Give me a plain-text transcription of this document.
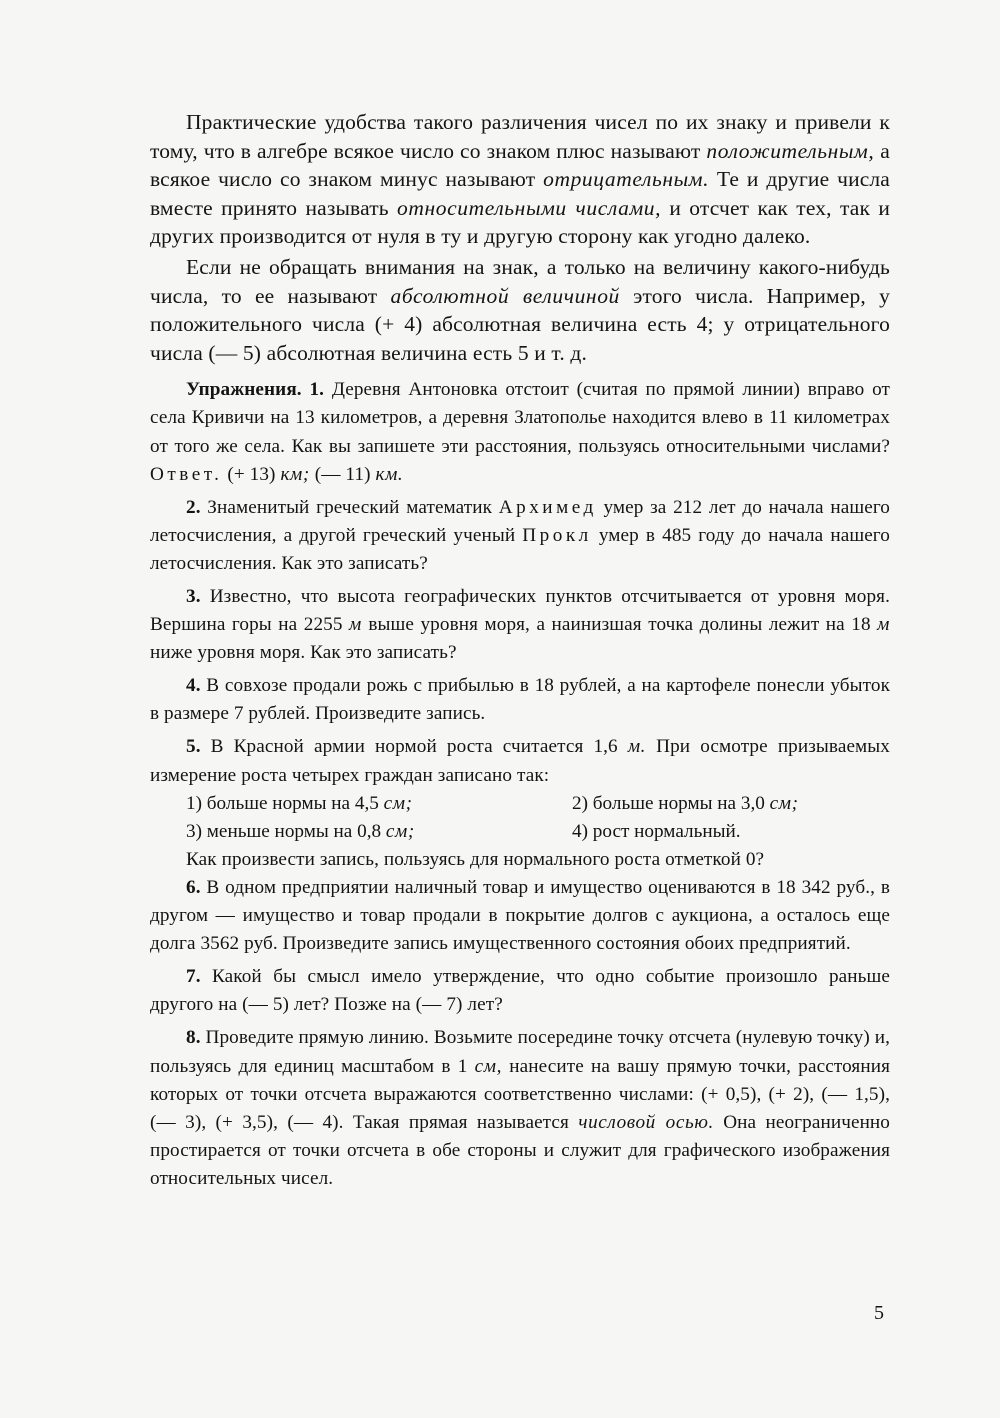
Практические удобства такого различения чисел по их знаку и привели к тому, что в алгебре всякое число со знаком плюс называют положительным, а всякое число со знаком минус называют отрицательным. Те и другие числа вместе принято называть относительными числами, и отсчет как тех, так и других производится от нуля в ту и другую сторону как угодно далеко.

Если не обращать внимания на знак, а только на величину какого-нибудь числа, то ее называют абсолютной величиной этого числа. Например, у положительного числа (+ 4) абсолютная величина есть 4; у отрицательного числа (— 5) абсолютная величина есть 5 и т. д.

Упражнения. 1. Деревня Антоновка отстоит (считая по прямой линии) вправо от села Кривичи на 13 километров, а деревня Златополье находится влево в 11 километрах от того же села. Как вы запишете эти расстояния, пользуясь относительными числами? Ответ. (+ 13) км; (— 11) км.

2. Знаменитый греческий математик Архимед умер за 212 лет до начала нашего летосчисления, а другой греческий ученый Прокл умер в 485 году до начала нашего летосчисления. Как это записать?

3. Известно, что высота географических пунктов отсчитывается от уровня моря. Вершина горы на 2255 м выше уровня моря, а наинизшая точка долины лежит на 18 м ниже уровня моря. Как это записать?

4. В совхозе продали рожь с прибылью в 18 рублей, а на картофеле понесли убыток в размере 7 рублей. Произведите запись.

5. В Красной армии нормой роста считается 1,6 м. При осмотре призываемых измерение роста четырех граждан записано так:

1) больше нормы на 4,5 см;	2) больше нормы на 3,0 см;
3) меньше нормы на 0,8 см;	4) рост нормальный.

Как произвести запись, пользуясь для нормального роста отметкой 0?

6. В одном предприятии наличный товар и имущество оцениваются в 18 342 руб., в другом — имущество и товар продали в покрытие долгов с аукциона, а осталось еще долга 3562 руб. Произведите запись имущественного состояния обоих предприятий.

7. Какой бы смысл имело утверждение, что одно событие произошло раньше другого на (— 5) лет? Позже на (— 7) лет?

8. Проведите прямую линию. Возьмите посередине точку отсчета (нулевую точку) и, пользуясь для единиц масштабом в 1 см, нанесите на вашу прямую точки, расстояния которых от точки отсчета выражаются соответственно числами: (+ 0,5), (+ 2), (— 1,5), (— 3), (+ 3,5), (— 4). Такая прямая называется числовой осью. Она неограниченно простирается от точки отсчета в обе стороны и служит для графического изображения относительных чисел.

5
